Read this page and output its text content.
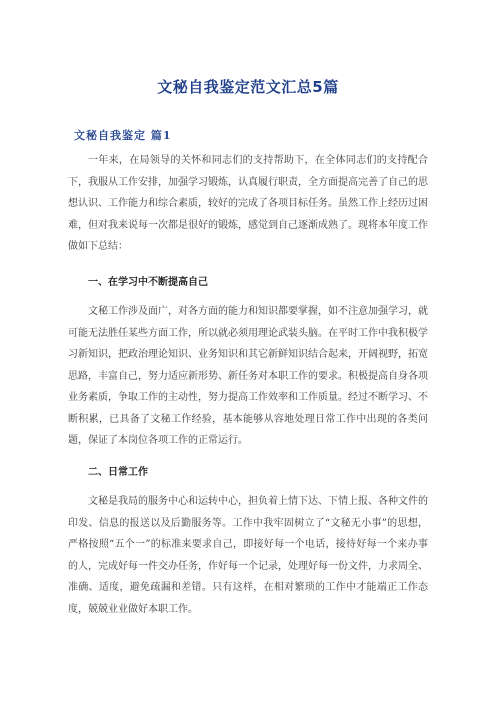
文秘自我鉴定范文汇总5篇
文秘自我鉴定 篇1

一年来，在局领导的关怀和同志们的支持帮助下，在全体同志们的支持配合下，我服从工作安排，加强学习锻炼，认真履行职责，全方面提高完善了自己的思想认识、工作能力和综合素质，较好的完成了各项目标任务。虽然工作上经历过困难，但对我来说每一次都是很好的锻炼，感觉到自己逐渐成熟了。现将本年度工作做如下总结：

一、在学习中不断提高自己

文秘工作涉及面广，对各方面的能力和知识都要掌握，如不注意加强学习，就可能无法胜任某些方面工作，所以就必须用理论武装头脑。在平时工作中我积极学习新知识，把政治理论知识、业务知识和其它新鲜知识结合起来，开阔视野，拓宽思路，丰富自己，努力适应新形势、新任务对本职工作的要求。积极提高自身各项业务素质，争取工作的主动性，努力提高工作效率和工作质量。经过不断学习、不断积累，已具备了文秘工作经验，基本能够从容地处理日常工作中出现的各类问题，保证了本岗位各项工作的正常运行。

二、日常工作

文秘是我局的服务中心和运转中心，担负着上情下达、下情上报、各种文件的印发、信息的报送以及后勤服务等。工作中我牢固树立了“文秘无小事”的思想，严格按照“五个一”的标准来要求自己，即接好每一个电话，接待好每一个来办事的人，完成好每一件交办任务，作好每一个记录，处理好每一份文件，力求周全、准确、适度，避免疏漏和差错。只有这样，在相对繁琐的工作中才能端正工作态度，兢兢业业做好本职工作。
